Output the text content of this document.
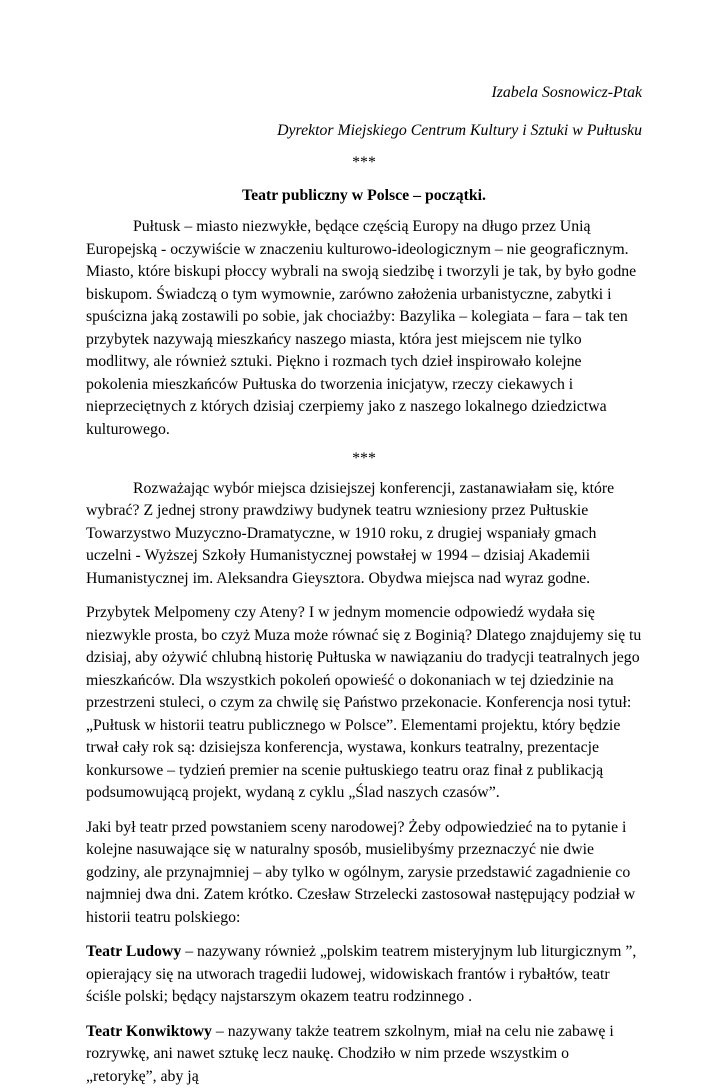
Izabela Sosnowicz-Ptak

Dyrektor Miejskiego Centrum Kultury i Sztuki w Pułtusku

***

Teatr publiczny w Polsce – początki.

Pułtusk – miasto niezwykłe, będące częścią Europy na długo przez Unią Europejską - oczywiście w znaczeniu kulturowo-ideologicznym – nie geograficznym. Miasto, które biskupi płoccy wybrali na swoją siedzibę i tworzyli je tak, by było godne biskupom. Świadczą o tym wymownie, zarówno założenia urbanistyczne, zabytki i spuścizna jaką zostawili po sobie, jak chociażby: Bazylika – kolegiata – fara – tak ten przybytek nazywają mieszkańcy naszego miasta, która jest miejscem nie tylko modlitwy, ale również sztuki. Piękno i rozmach tych dzieł inspirowało kolejne pokolenia mieszkańców Pułtuska do tworzenia inicjatyw, rzeczy ciekawych i nieprzeciętnych z których dzisiaj czerpiemy jako z naszego lokalnego dziedzictwa kulturowego.

***

Rozważając wybór miejsca dzisiejszej konferencji, zastanawiałam się, które wybrać? Z jednej strony prawdziwy budynek teatru wzniesiony przez Pułtuskie Towarzystwo Muzyczno-Dramatyczne, w 1910 roku, z drugiej wspaniały gmach uczelni - Wyższej Szkoły Humanistycznej powstałej w 1994 – dzisiaj Akademii Humanistycznej im. Aleksandra Gieysztora. Obydwa miejsca nad wyraz godne.

Przybytek Melpomeny czy Ateny? I w jednym momencie odpowiedź wydała się niezwykle prosta, bo czyż Muza może równać się z Boginią? Dlatego znajdujemy się tu dzisiaj, aby ożywić chlubną historię Pułtuska w nawiązaniu do tradycji teatralnych jego mieszkańców. Dla wszystkich pokoleń opowieść o dokonaniach w tej dziedzinie na przestrzeni stuleci, o czym za chwilę się Państwo przekonacie. Konferencja nosi tytuł: „Pułtusk w historii teatru publicznego w Polsce”. Elementami projektu, który będzie trwał cały rok są: dzisiejsza konferencja, wystawa, konkurs teatralny, prezentacje konkursowe – tydzień premier na scenie pułtuskiego teatru oraz finał z publikacją podsumowującą projekt, wydaną z cyklu „Ślad naszych czasów”.

Jaki był teatr przed powstaniem sceny narodowej? Żeby odpowiedzieć na to pytanie i kolejne nasuwające się w naturalny sposób, musielibyśmy przeznaczyć nie dwie godziny, ale przynajmniej – aby tylko w ogólnym, zarysie przedstawić zagadnienie co najmniej dwa dni. Zatem krótko. Czesław Strzelecki zastosował następujący podział w historii teatru polskiego:

Teatr Ludowy – nazywany również „polskim teatrem misteryjnym lub liturgicznym ”, opierający się na utworach tragedii ludowej, widowiskach frantów i rybałtów, teatr ściśle polski; będący najstarszym okazem teatru rodzinnego .

Teatr Konwiktowy – nazywany także teatrem szkolnym, miał na celu nie zabawę i rozrywkę, ani nawet sztukę lecz naukę. Chodziło w nim przede wszystkim o „retorykę”, aby ją
